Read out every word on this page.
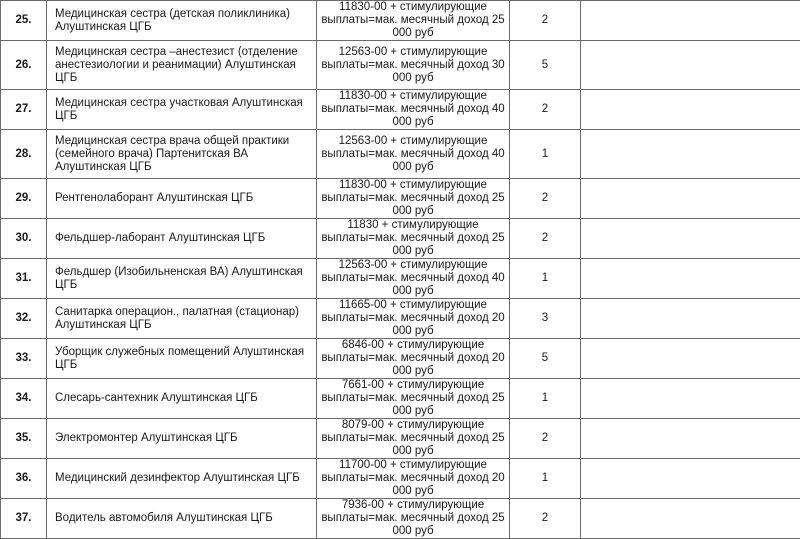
25.	Медицинская сестра (детская поликлиника) Алуштинская ЦГБ	11830-00 + стимулирующие выплаты=мак. месячный доход 25 000 руб	2	
26.	Медицинская сестра –анестезист (отделение анестезиологии и реанимации) Алуштинская ЦГБ	12563-00 + стимулирующие выплаты=мак. месячный доход 30 000 руб	5	
27.	Медицинская сестра участковая Алуштинская ЦГБ	11830-00 + стимулирующие выплаты=мак. месячный доход 40 000 руб	2	
28.	Медицинская сестра врача общей практики (семейного врача) Партенитская ВА Алуштинская ЦГБ	12563-00 + стимулирующие выплаты=мак. месячный доход 40 000 руб	1	
29.	Рентгенолаборант Алуштинская ЦГБ	11830-00 + стимулирующие выплаты=мак. месячный доход 25 000 руб	2	
30.	Фельдшер-лаборант Алуштинская ЦГБ	11830 + стимулирующие выплаты=мак. месячный доход 25 000 руб	2	
31.	Фельдшер (Изобильненская ВА) Алуштинская ЦГБ	12563-00 + стимулирующие выплаты=мак. месячный доход 40 000 руб	1	
32.	Санитарка операцион., палатная (стационар) Алуштинская ЦГБ	11665-00 + стимулирующие выплаты=мак. месячный доход 20 000 руб	3	
33.	Уборщик служебных помещений Алуштинская ЦГБ	6846-00 + стимулирующие выплаты=мак. месячный доход 20 000 руб	5	
34.	Слесарь-сантехник Алуштинская ЦГБ	7661-00 + стимулирующие выплаты=мак. месячный доход 25 000 руб	1	
35.	Электромонтер Алуштинская ЦГБ	8079-00 + стимулирующие выплаты=мак. месячный доход 25 000 руб	2	
36.	Медицинский дезинфектор Алуштинская ЦГБ	11700-00 + стимулирующие выплаты=мак. месячный доход 20 000 руб	1	
37.	Водитель автомобиля Алуштинская ЦГБ	7936-00 + стимулирующие выплаты=мак. месячный доход 25 000 руб	2	
